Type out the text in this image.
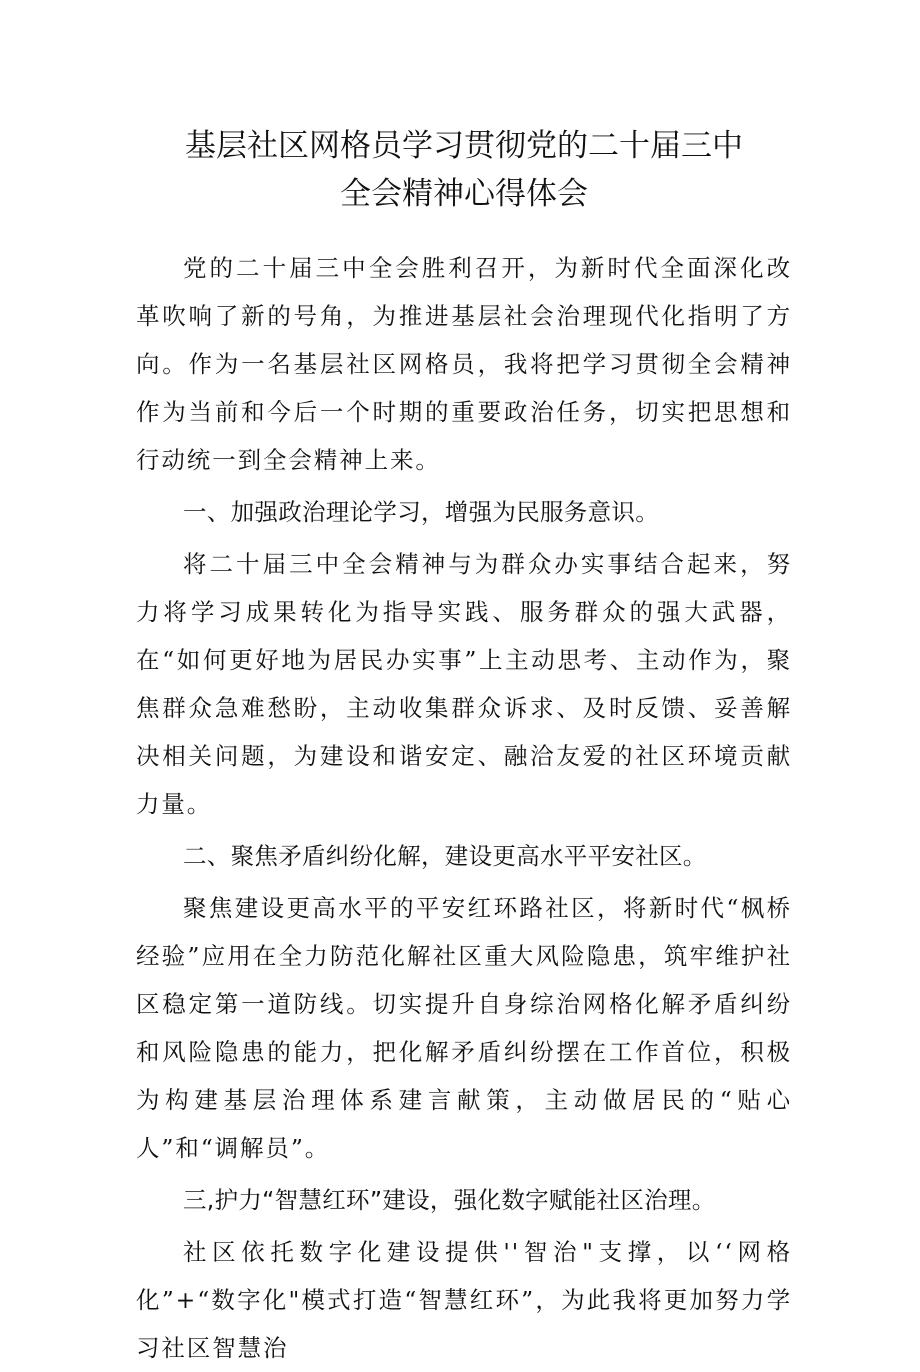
基层社区网格员学习贯彻党的二十届三中
全会精神心得体会

党的二十届三中全会胜利召开，为新时代全面深化改革吹响了新的号角，为推进基层社会治理现代化指明了方向。作为一名基层社区网格员，我将把学习贯彻全会精神作为当前和今后一个时期的重要政治任务，切实把思想和行动统一到全会精神上来。

一、加强政治理论学习，增强为民服务意识。

将二十届三中全会精神与为群众办实事结合起来，努力将学习成果转化为指导实践、服务群众的强大武器，在“如何更好地为居民办实事”上主动思考、主动作为，聚焦群众急难愁盼，主动收集群众诉求、及时反馈、妥善解决相关问题，为建设和谐安定、融洽友爱的社区环境贡献力量。

二、聚焦矛盾纠纷化解，建设更高水平平安社区。

聚焦建设更高水平的平安红环路社区，将新时代“枫桥经验”应用在全力防范化解社区重大风险隐患，筑牢维护社区稳定第一道防线。切实提升自身综治网格化解矛盾纠纷和风险隐患的能力，把化解矛盾纠纷摆在工作首位，积极为构建基层治理体系建言献策，主动做居民的“贴心人”和“调解员”。

三,护力“智慧红环”建设，强化数字赋能社区治理。

社区依托数字化建设提供''智治"支撑，以‘‘网格化”+“数字化"模式打造“智慧红环”，为此我将更加努力学习社区智慧治
